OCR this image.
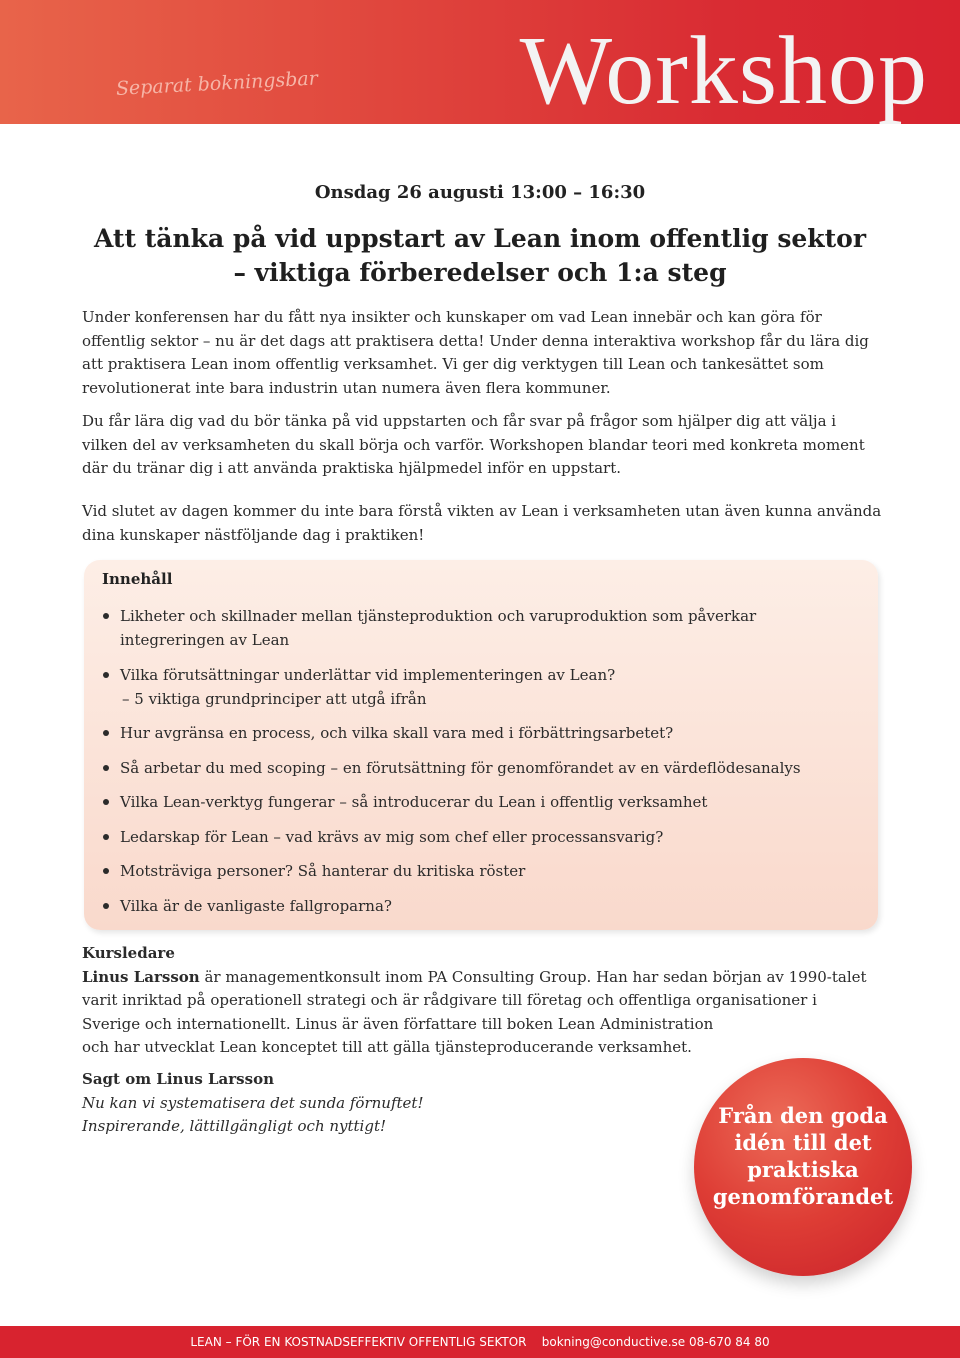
Separat bokningsbar Workshop
Onsdag 26 augusti 13:00 – 16:30
Att tänka på vid uppstart av Lean inom offentlig sektor
– viktiga förberedelser och 1:a steg

Under konferensen har du fått nya insikter och kunskaper om vad Lean innebär och kan göra för offentlig sektor – nu är det dags att praktisera detta! Under denna interaktiva workshop får du lära dig att praktisera Lean inom offentlig verksamhet. Vi ger dig verktygen till Lean och tankesättet som revolutionerat inte bara industrin utan numera även flera kommuner.

Du får lära dig vad du bör tänka på vid uppstarten och får svar på frågor som hjälper dig att välja i vilken del av verksamheten du skall börja och varför. Workshopen blandar teori med konkreta moment där du tränar dig i att använda praktiska hjälpmedel inför en uppstart.

Vid slutet av dagen kommer du inte bara förstå vikten av Lean i verksamheten utan även kunna använda dina kunskaper nästföljande dag i praktiken!

Innehåll
Likheter och skillnader mellan tjänsteproduktion och varuproduktion som påverkar integreringen av Lean
Vilka förutsättningar underlättar vid implementeringen av Lean?
– 5 viktiga grundprinciper att utgå ifrån
Hur avgränsa en process, och vilka skall vara med i förbättringsarbetet?
Så arbetar du med scoping – en förutsättning för genomförandet av en värdeflödesanalys
Vilka Lean-verktyg fungerar – så introducerar du Lean i offentlig verksamhet
Ledarskap för Lean – vad krävs av mig som chef eller processansvarig?
Motsträviga personer? Så hanterar du kritiska röster
Vilka är de vanligaste fallgroparna?
Kursledare
Linus Larsson är managementkonsult inom PA Consulting Group. Han har sedan början av 1990-talet
varit inriktad på operationell strategi och är rådgivare till företag och offentliga organisationer i
Sverige och internationellt. Linus är även författare till boken Lean Administration
och har utvecklat Lean konceptet till att gälla tjänsteproducerande verksamhet.
Sagt om Linus Larsson
Nu kan vi systematisera det sunda förnuftet!
Inspirerande, lättillgängligt och nyttigt!	Från den goda
idén till det
praktiska
genomförandet
LEAN – FÖR EN KOSTNADSEFFEKTIV OFFENTLIG SEKTOR    bokning@conductive.se 08-670 84 80
